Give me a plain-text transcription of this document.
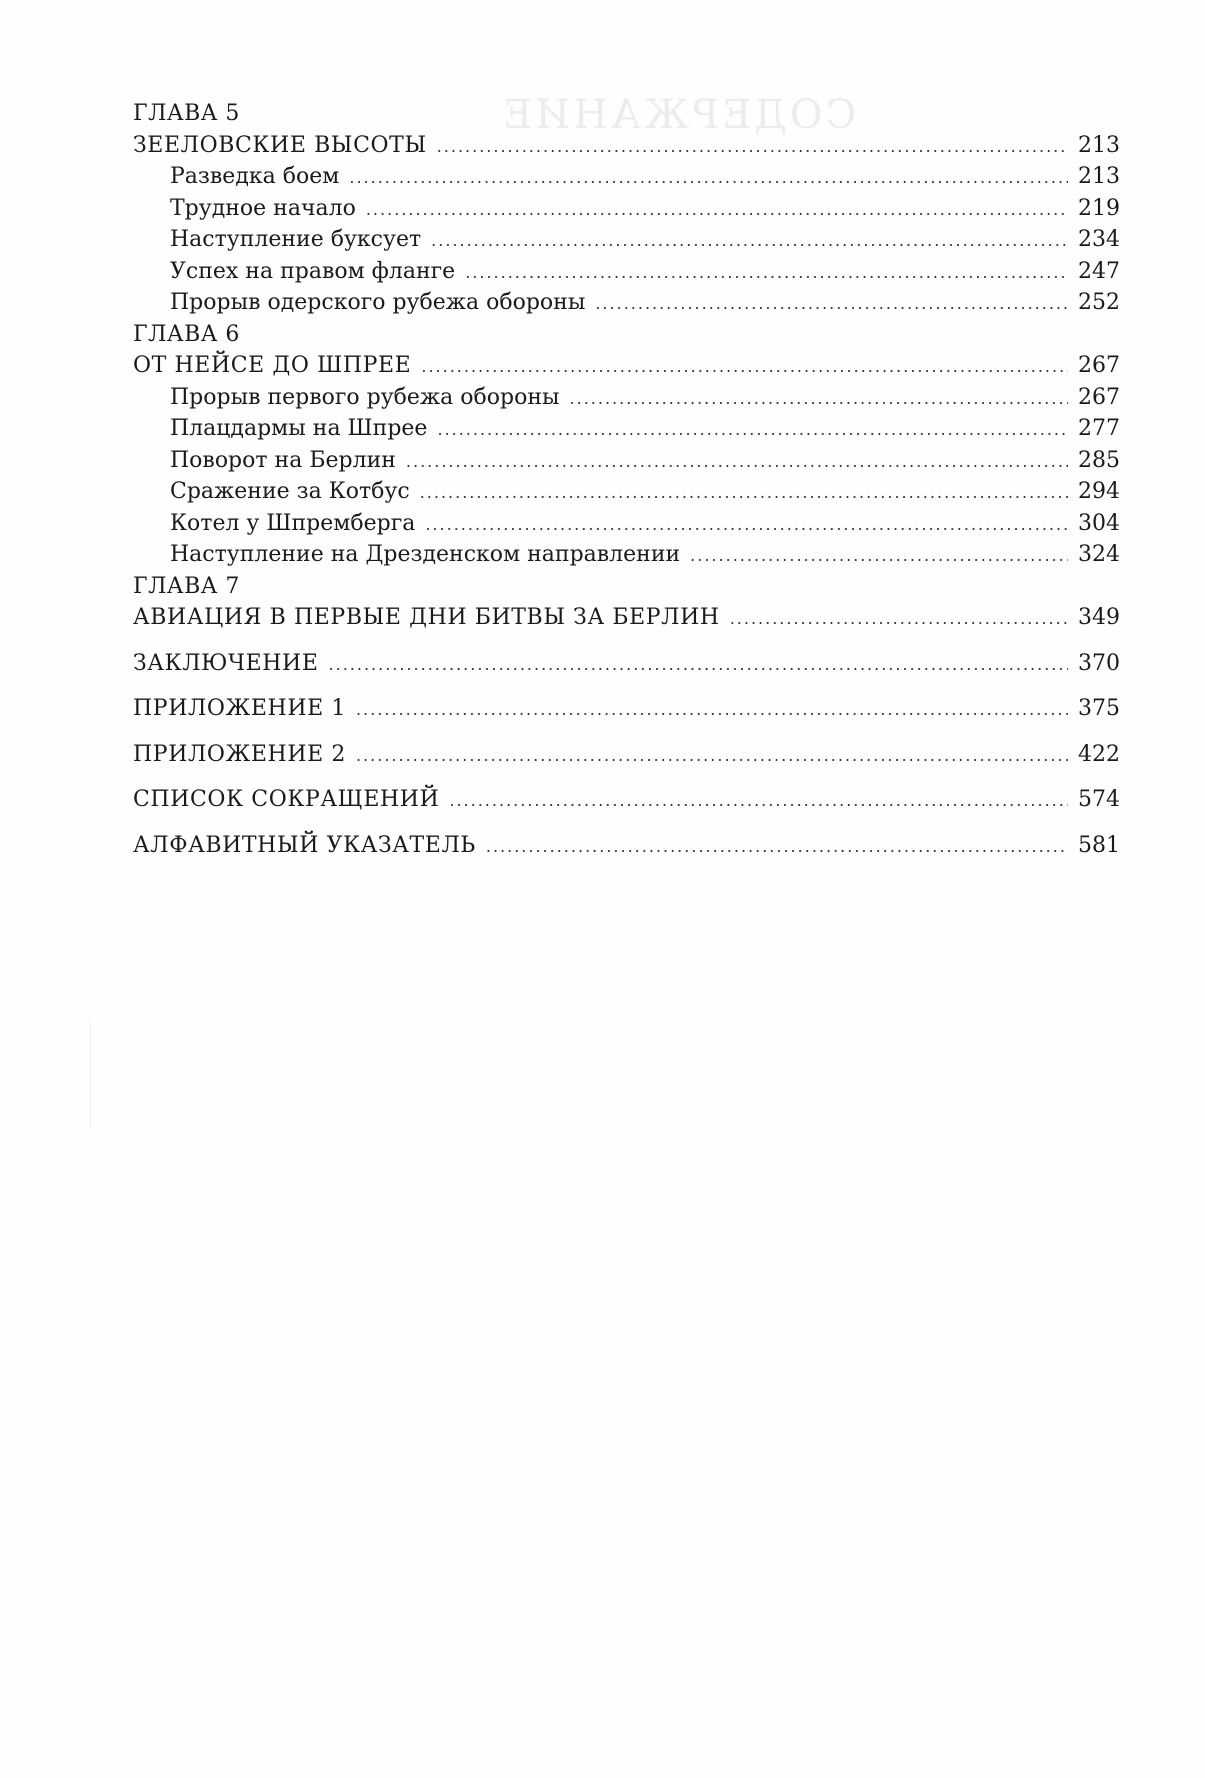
СОДЕРЖАНИЕ
ГЛАВА 5
ЗЕЕЛОВСКИЕ ВЫСОТЫ .....	213
Разведка боем .....	213
Трудное начало .....	219
Наступление буксует .....	234
Успех на правом фланге .....	247
Прорыв одерского рубежа обороны .....	252
ГЛАВА 6
ОТ НЕЙСЕ ДО ШПРЕЕ .....	267
Прорыв первого рубежа обороны .....	267
Плацдармы на Шпрее .....	277
Поворот на Берлин .....	285
Сражение за Котбус .....	294
Котел у Шпремберга .....	304
Наступление на Дрезденском направлении .....	324
ГЛАВА 7
АВИАЦИЯ В ПЕРВЫЕ ДНИ БИТВЫ ЗА БЕРЛИН .....	349
ЗАКЛЮЧЕНИЕ .....	370
ПРИЛОЖЕНИЕ 1 .....	375
ПРИЛОЖЕНИЕ 2 .....	422
СПИСОК СОКРАЩЕНИЙ .....	574
АЛФАВИТНЫЙ УКАЗАТЕЛЬ .....	581
